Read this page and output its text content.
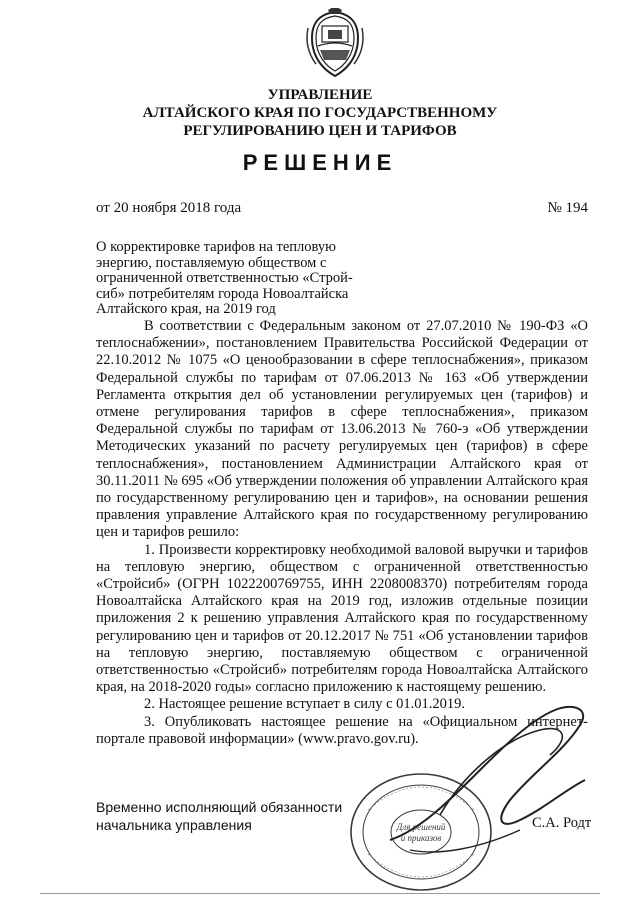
УПРАВЛЕНИЕ
АЛТАЙСКОГО КРАЯ ПО ГОСУДАРСТВЕННОМУ
РЕГУЛИРОВАНИЮ ЦЕН И ТАРИФОВ
РЕШЕНИЕ
от 20 ноября 2018 года	№ 194
О корректировке тарифов на тепловую
энергию, поставляемую обществом с
ограниченной ответственностью «Строй-
сиб» потребителям города Новоалтайска
Алтайского края, на 2019 год

В соответствии с Федеральным законом от 27.07.2010 № 190-ФЗ «О теплоснабжении», постановлением Правительства Российской Федерации от 22.10.2012 № 1075 «О ценообразовании в сфере теплоснабжения», приказом Федеральной службы по тарифам от 07.06.2013 № 163 «Об утверждении Регламента открытия дел об установлении регулируемых цен (тарифов) и отмене регулирования тарифов в сфере теплоснабжения», приказом Федеральной службы по тарифам от 13.06.2013 № 760-э «Об утверждении Методических указаний по расчету регулируемых цен (тарифов) в сфере теплоснабжения», постановлением Администрации Алтайского края от 30.11.2011 № 695 «Об утверждении положения об управлении Алтайского края по государственному регулированию цен и тарифов», на основании решения правления управление Алтайского края по государственному регулированию цен и тарифов решило:

1. Произвести корректировку необходимой валовой выручки и тарифов на тепловую энергию, обществом с ограниченной ответственностью «Стройсиб» (ОГРН 1022200769755, ИНН 2208008370) потребителям города Новоалтайска Алтайского края на 2019 год, изложив отдельные позиции приложения 2 к решению управления Алтайского края по государственному регулированию цен и тарифов от 20.12.2017 № 751 «Об установлении тарифов на тепловую энергию, поставляемую обществом с ограниченной ответственностью «Стройсиб» потребителям города Новоалтайска Алтайского края, на 2018-2020 годы» согласно приложению к настоящему решению.

2. Настоящее решение вступает в силу с 01.01.2019.

3. Опубликовать настоящее решение на «Официальном интернет-портале правовой информации» (www.pravo.gov.ru).

Временно исполняющий обязанности
начальника управления	С.А. Родт
Для решений
и приказов
